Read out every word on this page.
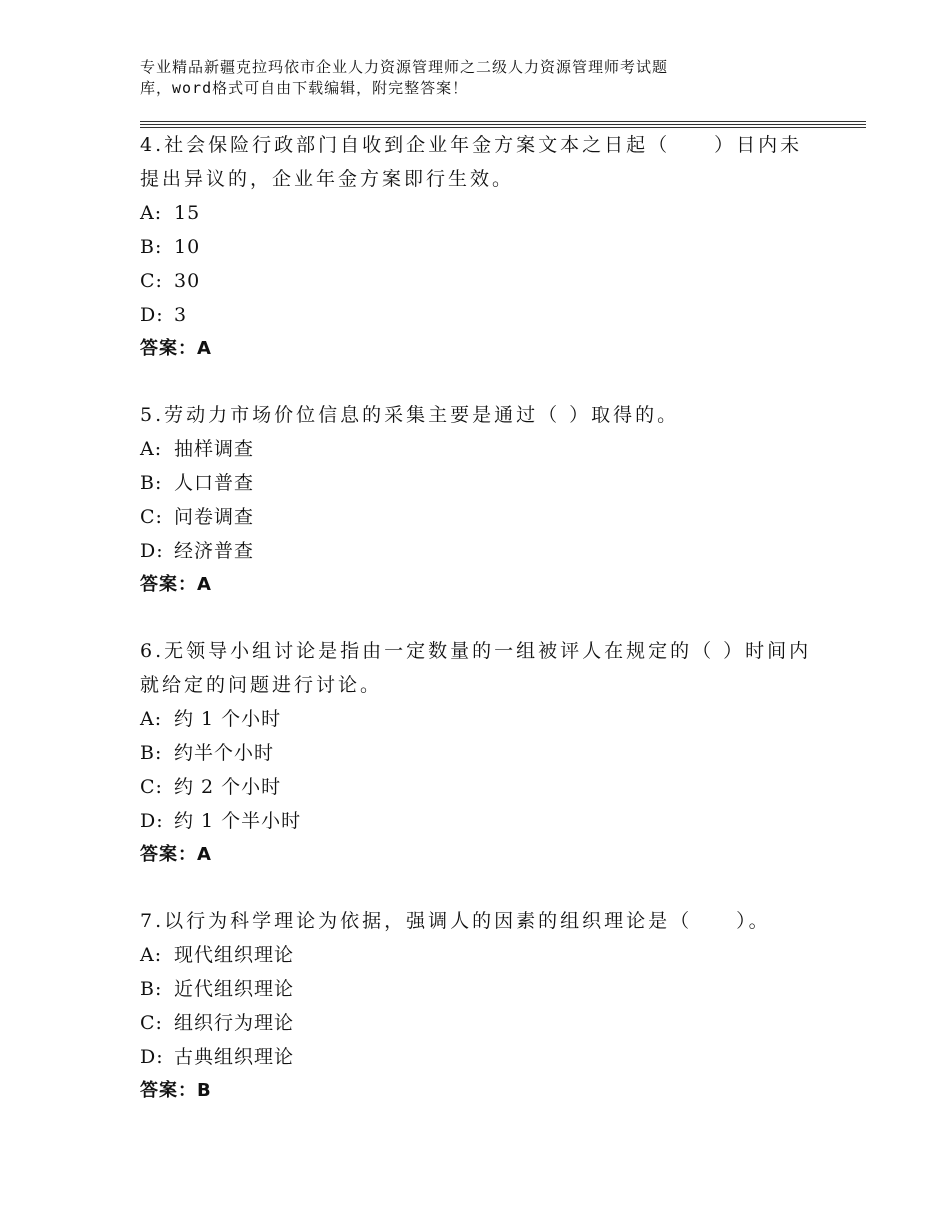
专业精品新疆克拉玛依市企业人力资源管理师之二级人力资源管理师考试题
库，word格式可自由下载编辑，附完整答案！
4.社会保险行政部门自收到企业年金方案文本之日起（　　）日内未
提出异议的，企业年金方案即行生效。
A: 15
B: 10
C: 30
D: 3
答案：A
5.劳动力市场价位信息的采集主要是通过（ ）取得的。
A: 抽样调查
B: 人口普查
C: 问卷调查
D: 经济普查
答案：A
6.无领导小组讨论是指由一定数量的一组被评人在规定的（ ）时间内
就给定的问题进行讨论。
A: 约 1 个小时
B: 约半个小时
C: 约 2 个小时
D: 约 1 个半小时
答案：A
7.以行为科学理论为依据，强调人的因素的组织理论是（　　）。
A: 现代组织理论
B: 近代组织理论
C: 组织行为理论
D: 古典组织理论
答案：B
